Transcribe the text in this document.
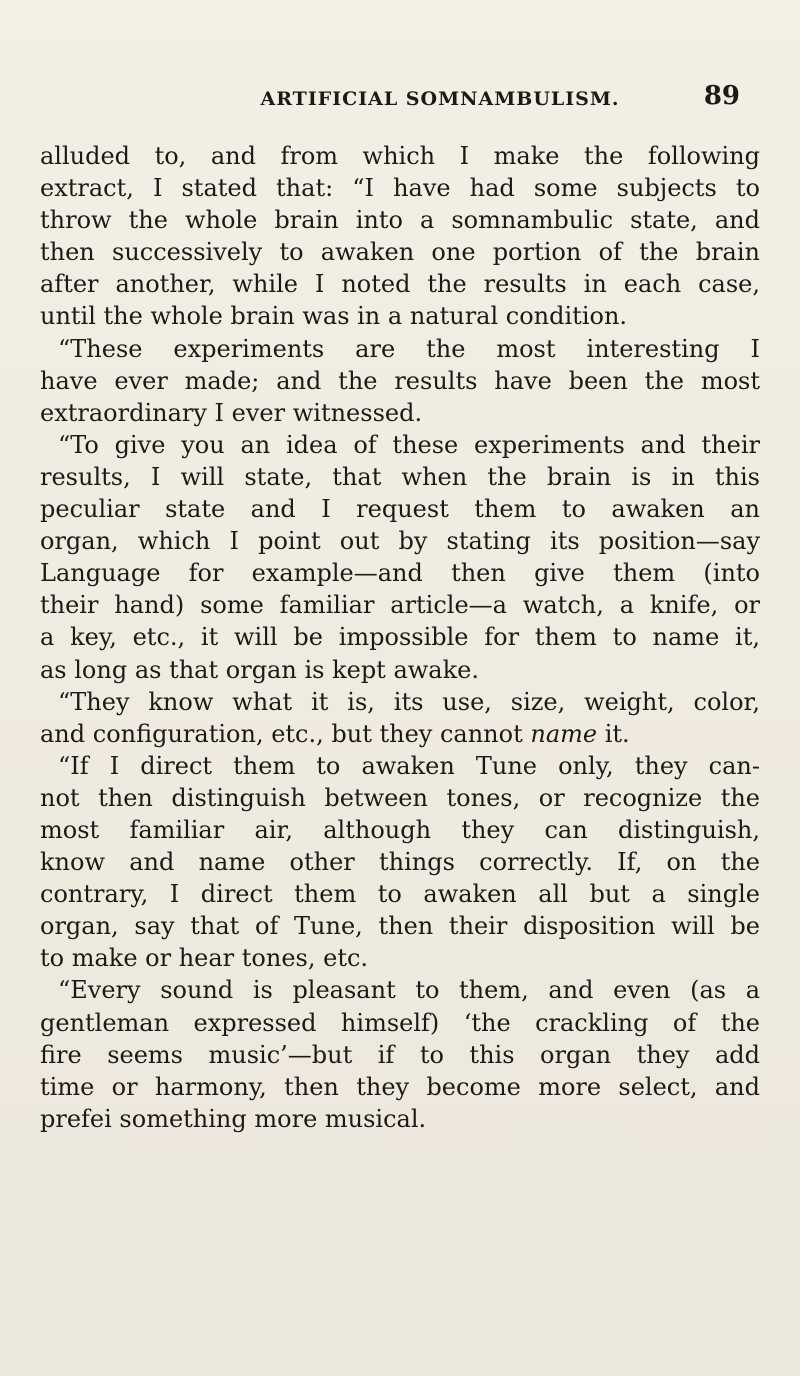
ARTIFICIAL SOMNAMBULISM.	89
alluded to, and from which I make the following
extract, I stated that: “I have had some subjects to
throw the whole brain into a somnambulic state, and
then successively to awaken one portion of the brain
after another, while I noted the results in each case,
until the whole brain was in a natural condition.
“These experiments are the most interesting I
have ever made; and the results have been the most
extraordinary I ever witnessed.
“To give you an idea of these experiments and their
results, I will state, that when the brain is in this
peculiar state and I request them to awaken an
organ, which I point out by stating its position—say
Language for example—and then give them (into
their hand) some familiar article—a watch, a knife, or
a key, etc., it will be impossible for them to name it,
as long as that organ is kept awake.
“They know what it is, its use, size, weight, color,
and configuration, etc., but they cannot name it.
“If I direct them to awaken Tune only, they can-
not then distinguish between tones, or recognize the
most familiar air, although they can distinguish,
know and name other things correctly. If, on the
contrary, I direct them to awaken all but a single
organ, say that of Tune, then their disposition will be
to make or hear tones, etc.
“Every sound is pleasant to them, and even (as a
gentleman expressed himself) ‘the crackling of the
fire seems music’—but if to this organ they add
time or harmony, then they become more select, and
prefei something more musical.
